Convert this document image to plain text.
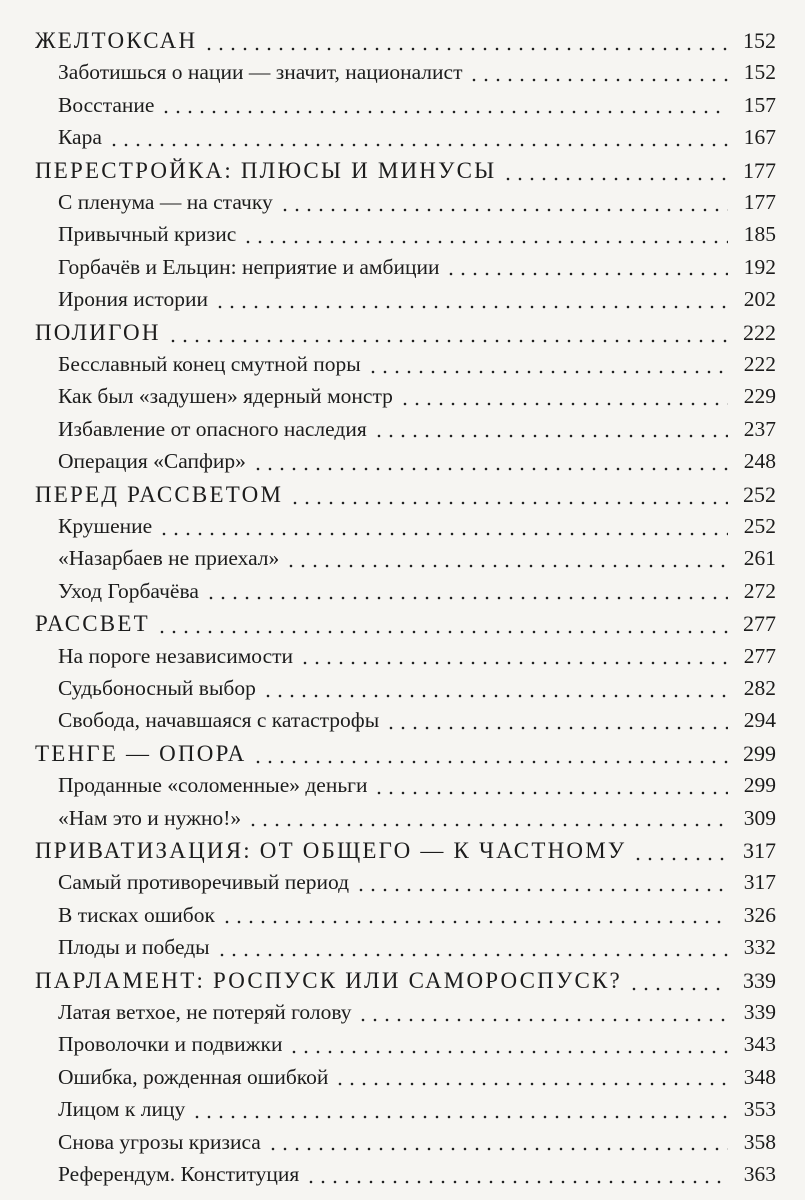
ЖЕЛТОКСАН	152
Заботишься о нации — значит, националист	152
Восстание	157
Кара	167
ПЕРЕСТРОЙКА: ПЛЮСЫ И МИНУСЫ	177
С пленума — на стачку	177
Привычный кризис	185
Горбачёв и Ельцин: неприятие и амбиции	192
Ирония истории	202
ПОЛИГОН	222
Бесславный конец смутной поры	222
Как был «задушен» ядерный монстр	229
Избавление от опасного наследия	237
Операция «Сапфир»	248
ПЕРЕД РАССВЕТОМ	252
Крушение	252
«Назарбаев не приехал»	261
Уход Горбачёва	272
РАССВЕТ	277
На пороге независимости	277
Судьбоносный выбор	282
Свобода, начавшаяся с катастрофы	294
ТЕНГЕ — ОПОРА	299
Проданные «соломенные» деньги	299
«Нам это и нужно!»	309
ПРИВАТИЗАЦИЯ: ОТ ОБЩЕГО — К ЧАСТНОМУ	317
Самый противоречивый период	317
В тисках ошибок	326
Плоды и победы	332
ПАРЛАМЕНТ: РОСПУСК ИЛИ САМОРОСПУСК?	339
Латая ветхое, не потеряй голову	339
Проволочки и подвижки	343
Ошибка, рожденная ошибкой	348
Лицом к лицу	353
Снова угрозы кризиса	358
Референдум. Конституция	363
